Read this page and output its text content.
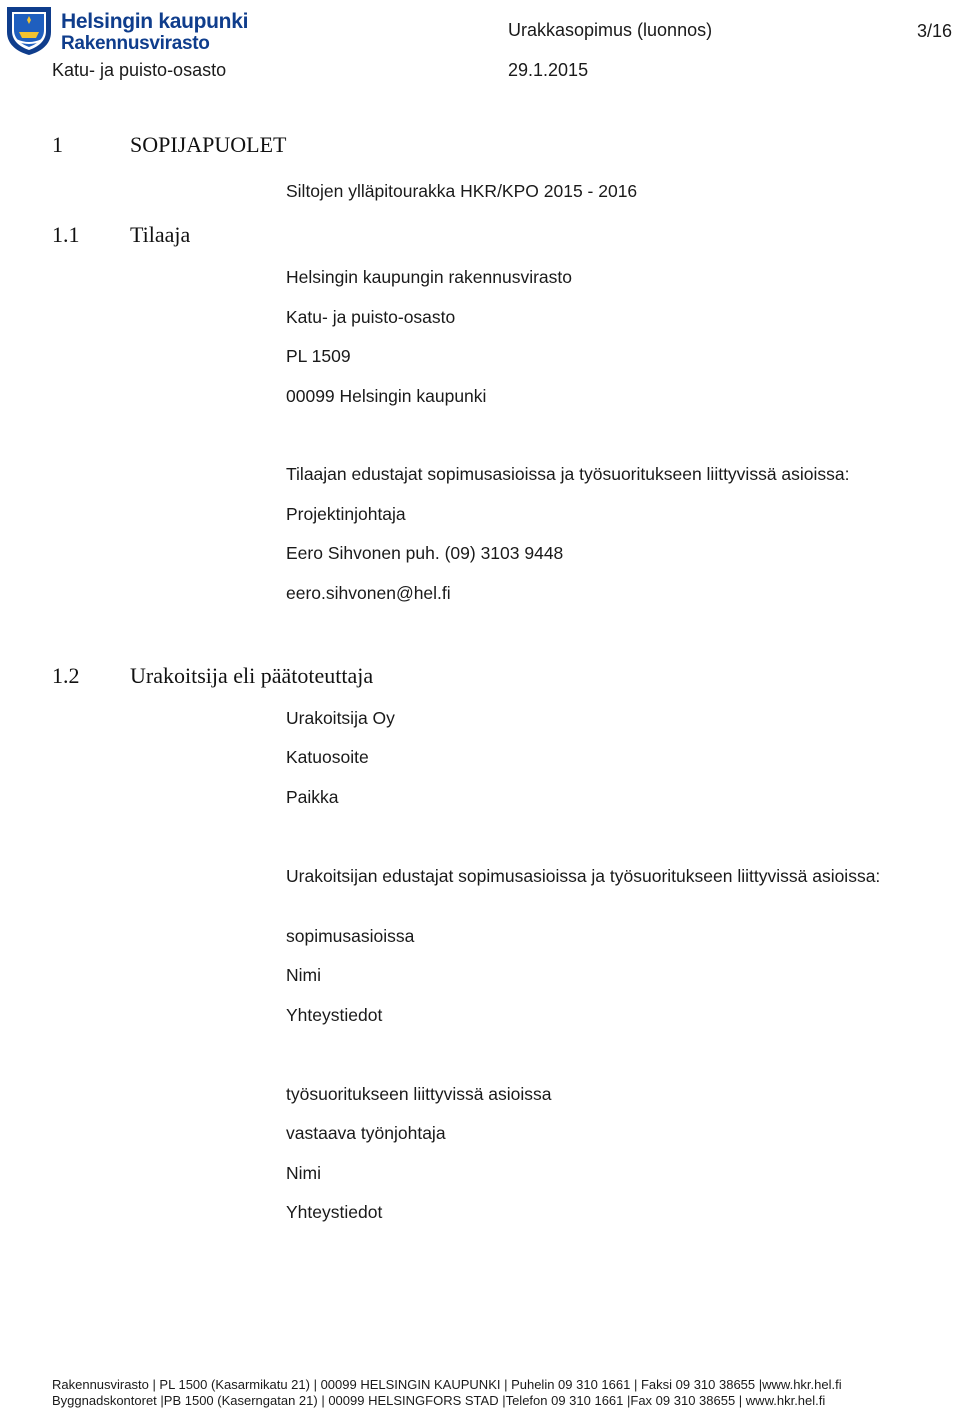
Helsingin kaupunki
Rakennusvirasto
Urakkasopimus (luonnos)	3/16
Katu- ja puisto-osasto	29.1.2015
1	SOPIJAPUOLET
Siltojen ylläpitourakka HKR/KPO 2015 - 2016
1.1 Tilaaja
Helsingin kaupungin rakennusvirasto
Katu- ja puisto-osasto
PL 1509
00099 Helsingin kaupunki
Tilaajan edustajat sopimusasioissa ja työsuoritukseen liittyvissä asioissa:
Projektinjohtaja
Eero Sihvonen puh. (09) 3103 9448
eero.sihvonen@hel.fi
1.2 Urakoitsija eli päätoteuttaja
Urakoitsija Oy
Katuosoite
Paikka
Urakoitsijan edustajat sopimusasioissa ja työsuoritukseen liittyvissä asioissa:
sopimusasioissa
Nimi
Yhteystiedot
työsuoritukseen liittyvissä asioissa
vastaava työnjohtaja
Nimi
Yhteystiedot
Rakennusvirasto | PL 1500 (Kasarmikatu 21) | 00099 HELSINGIN KAUPUNKI | Puhelin 09 310 1661 | Faksi 09 310 38655 |www.hkr.hel.fi
Byggnadskontoret |PB 1500 (Kaserngatan 21) | 00099 HELSINGFORS STAD |Telefon 09 310 1661 |Fax 09 310 38655 | www.hkr.hel.fi
